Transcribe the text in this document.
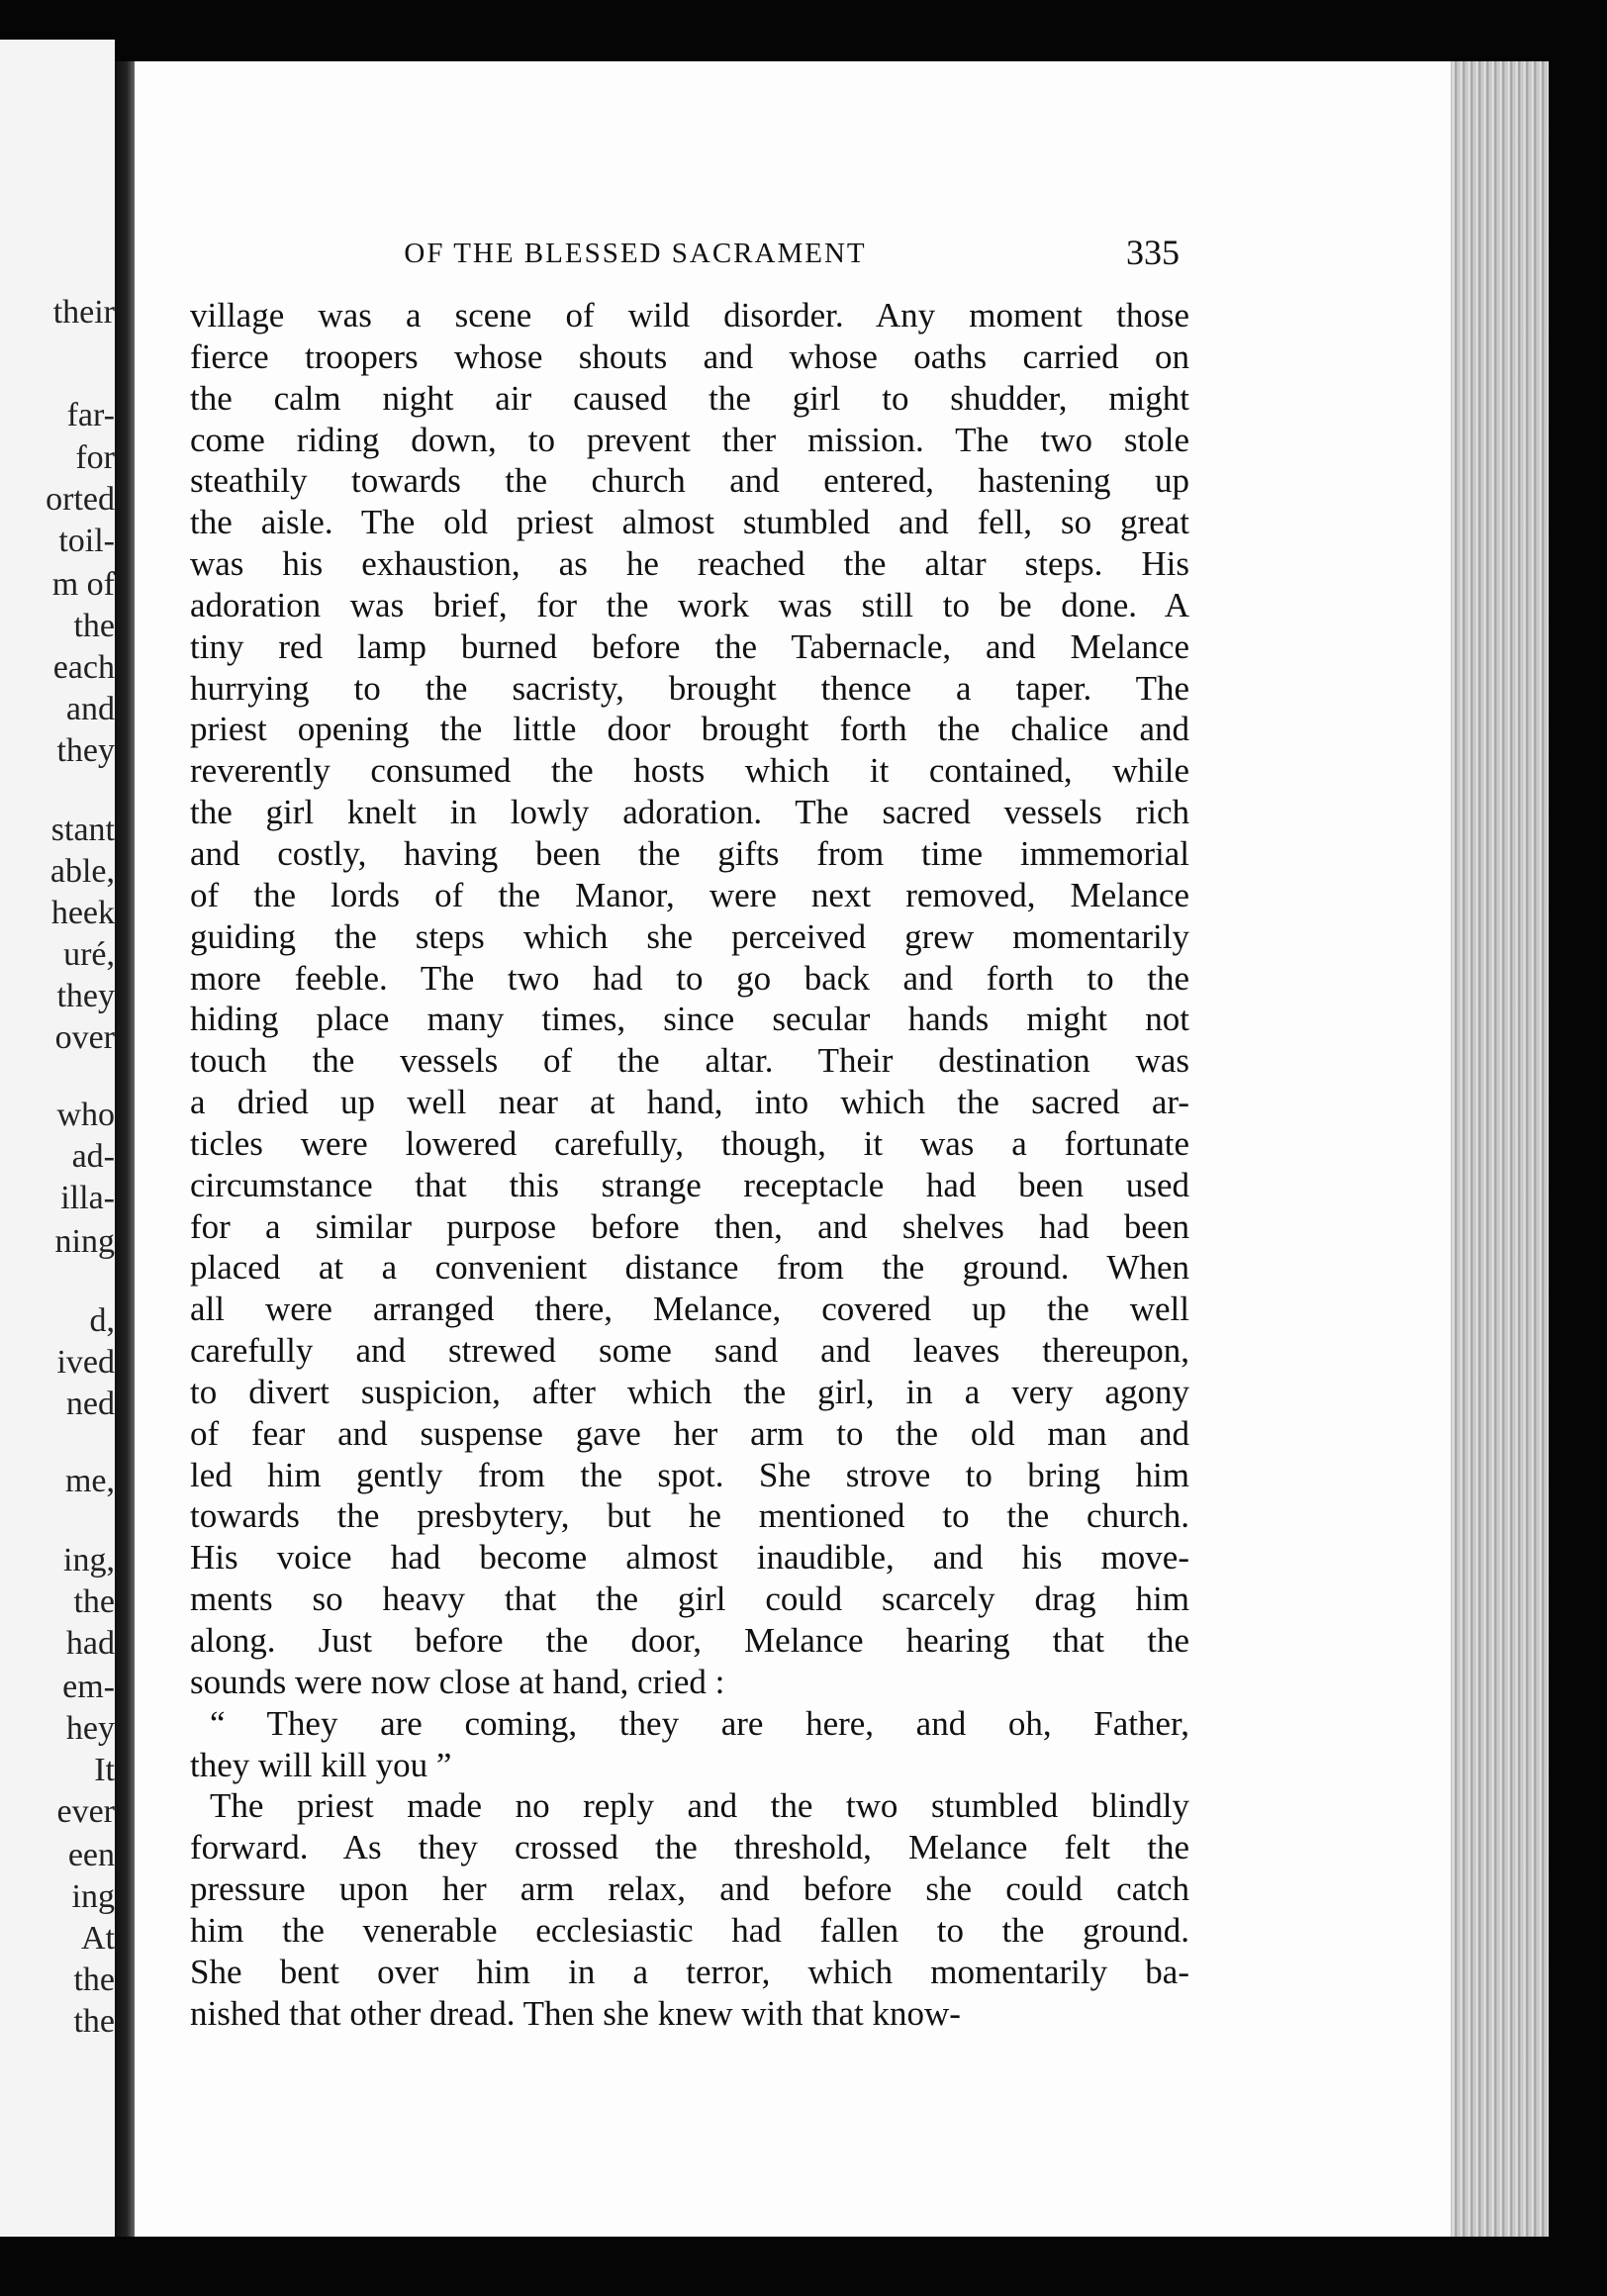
their
far-
for
orted
toil-
m of
the
each
and
they
stant
able,
heek
uré,
they
over
who
ad-
illa-
ning
d,
ived
ned
me,
ing,
the
had
em-
hey
It
ever
een
ing
At
the
the
OF THE BLESSED SACRAMENT	335
village was a scene of wild disorder. Any moment those
fierce troopers whose shouts and whose oaths carried on
the calm night air caused the girl to shudder, might
come riding down, to prevent ther mission. The two stole
steathily towards the church and entered, hastening up
the aisle. The old priest almost stumbled and fell, so great
was his exhaustion, as he reached the altar steps. His
adoration was brief, for the work was still to be done. A
tiny red lamp burned before the Tabernacle, and Melance
hurrying to the sacristy, brought thence a taper. The
priest opening the little door brought forth the chalice and
reverently consumed the hosts which it contained, while
the girl knelt in lowly adoration. The sacred vessels rich
and costly, having been the gifts from time immemorial
of the lords of the Manor, were next removed, Melance
guiding the steps which she perceived grew momentarily
more feeble. The two had to go back and forth to the
hiding place many times, since secular hands might not
touch the vessels of the altar. Their destination was
a dried up well near at hand, into which the sacred ar-
ticles were lowered carefully, though, it was a fortunate
circumstance that this strange receptacle had been used
for a similar purpose before then, and shelves had been
placed at a convenient distance from the ground. When
all were arranged there, Melance, covered up the well
carefully and strewed some sand and leaves thereupon,
to divert suspicion, after which the girl, in a very agony
of fear and suspense gave her arm to the old man and
led him gently from the spot. She strove to bring him
towards the presbytery, but he mentioned to the church.
His voice had become almost inaudible, and his move-
ments so heavy that the girl could scarcely drag him
along. Just before the door, Melance hearing that the
sounds were now close at hand, cried :
“ They are coming, they are here, and oh, Father,
they will kill you ”
The priest made no reply and the two stumbled blindly
forward. As they crossed the threshold, Melance felt the
pressure upon her arm relax, and before she could catch
him the venerable ecclesiastic had fallen to the ground.
She bent over him in a terror, which momentarily ba-
nished that other dread. Then she knew with that know-
